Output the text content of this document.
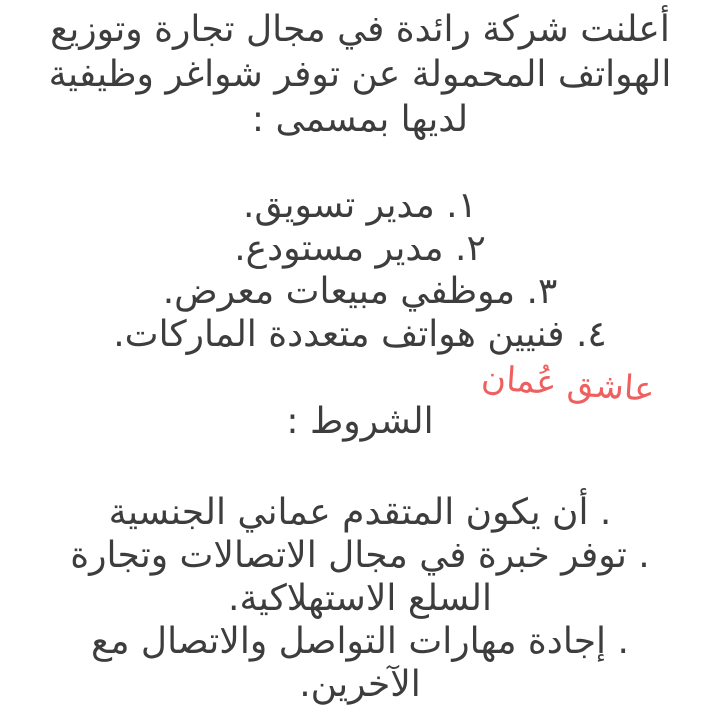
أعلنت شركة رائدة في مجال تجارة وتوزيع
الهواتف المحمولة عن توفر شواغر وظيفية
لديها بمسمى :
١. مدير تسويق.
٢. مدير مستودع.
٣. موظفي مبيعات معرض.
٤. فنيين هواتف متعددة الماركات.
عاشق عُمان
الشروط :
. أن يكون المتقدم عماني الجنسية
. توفر خبرة في مجال الاتصالات وتجارة
السلع الاستهلاكية.
. إجادة مهارات التواصل والاتصال مع
الآخرين.
